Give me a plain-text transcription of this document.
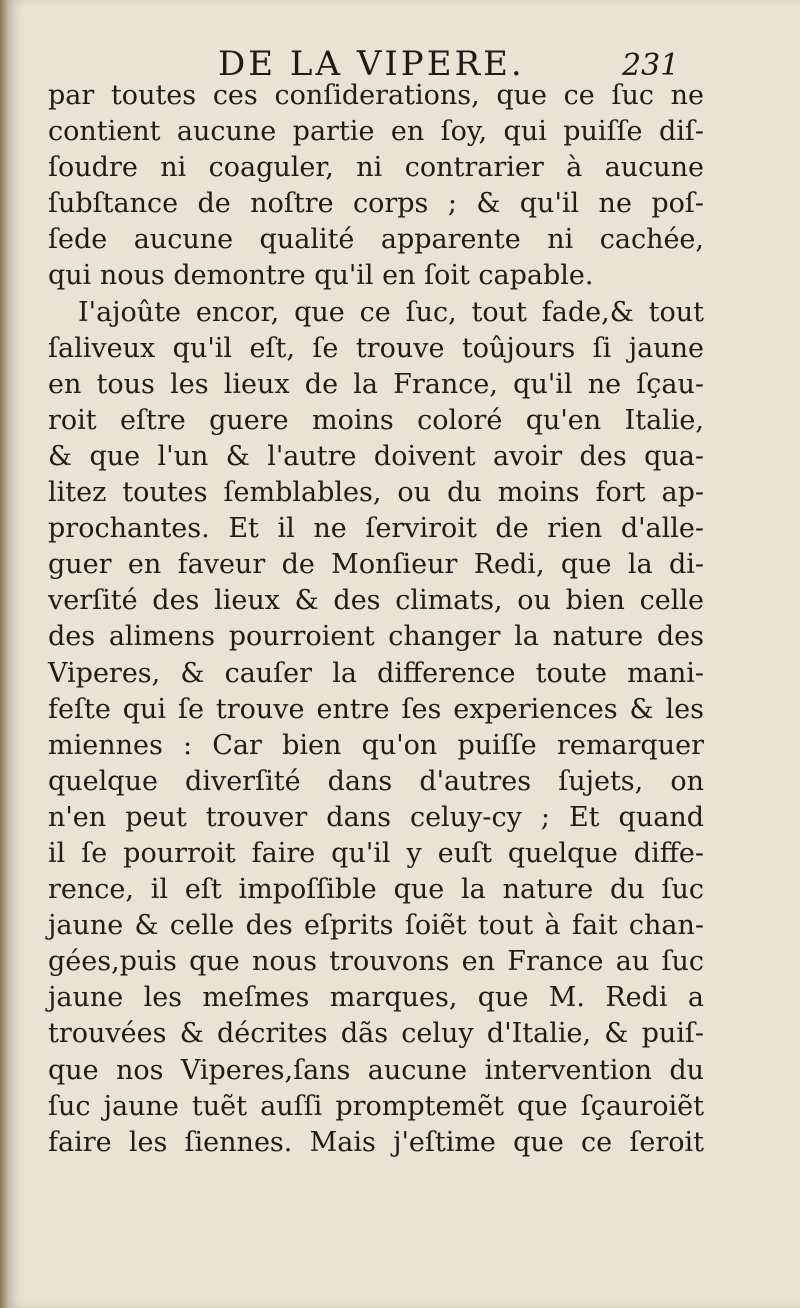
DE LA VIPERE.	231
par toutes ces conſiderations, que ce ſuc ne
contient aucune partie en ſoy, qui puiſſe diſ-
ſoudre ni coaguler, ni contrarier à aucune
ſubſtance de noſtre corps ; & qu'il ne poſ-
ſede aucune qualité apparente ni cachée,
qui nous demontre qu'il en ſoit capable.
I'ajoûte encor, que ce ſuc, tout fade,& tout
ſaliveux qu'il eſt, ſe trouve toûjours ſi jaune
en tous les lieux de la France, qu'il ne ſçau-
roit eſtre guere moins coloré qu'en Italie,
& que l'un & l'autre doivent avoir des qua-
litez toutes ſemblables, ou du moins fort ap-
prochantes. Et il ne ſerviroit de rien d'alle-
guer en faveur de Monſieur Redi, que la di-
verſité des lieux & des climats, ou bien celle
des alimens pourroient changer la nature des
Viperes, & cauſer la difference toute mani-
feſte qui ſe trouve entre ſes experiences & les
miennes : Car bien qu'on puiſſe remarquer
quelque diverſité dans d'autres ſujets, on
n'en peut trouver dans celuy-cy ; Et quand
il ſe pourroit faire qu'il y euſt quelque diffe-
rence, il eſt impoſſible que la nature du ſuc
jaune & celle des eſprits ſoiẽt tout à fait chan-
gées,puis que nous trouvons en France au ſuc
jaune les meſmes marques, que M. Redi a
trouvées & décrites dãs celuy d'Italie, & puiſ-
que nos Viperes,ſans aucune intervention du
ſuc jaune tuẽt auſſi promptemẽt que ſçauroiẽt
faire les ſiennes. Mais j'eſtime que ce ſeroit
